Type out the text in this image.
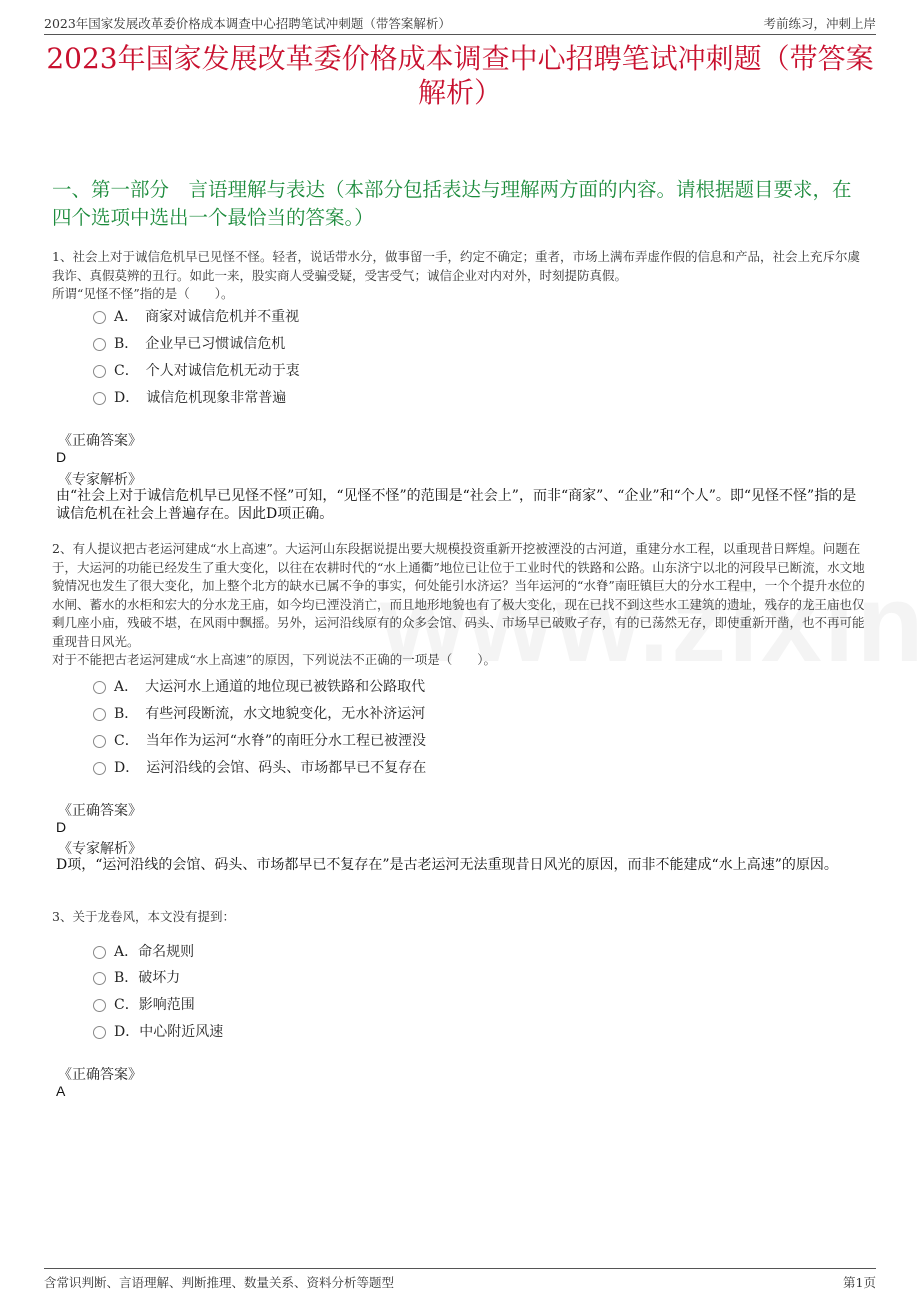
2023年国家发展改革委价格成本调查中心招聘笔试冲刺题（带答案解析）	考前练习，冲刺上岸
2023年国家发展改革委价格成本调查中心招聘笔试冲刺题（带答案解析）
一、第一部分　言语理解与表达（本部分包括表达与理解两方面的内容。请根据题目要求，在四个选项中选出一个最恰当的答案。）
1、社会上对于诚信危机早已见怪不怪。轻者，说话带水分，做事留一手，约定不确定；重者，市场上满布弄虚作假的信息和产品，社会上充斥尔虞我诈、真假莫辨的丑行。如此一来，股实商人受骗受疑，受害受气；诚信企业对内对外，时刻提防真假。
所谓“见怪不怪”指的是（　　）。
A．　商家对诚信危机并不重视
B．　企业早已习惯诚信危机
C．　个人对诚信危机无动于衷
D．　诚信危机现象非常普遍
《正确答案》
D
《专家解析》
由“社会上对于诚信危机早已见怪不怪”可知，“见怪不怪”的范围是“社会上”，而非“商家”、“企业”和“个人”。即“见怪不怪”指的是诚信危机在社会上普遍存在。因此D项正确。
2、有人提议把古老运河建成“水上高速”。大运河山东段据说提出要大规模投资重新开挖被湮没的古河道，重建分水工程，以重现昔日辉煌。问题在于，大运河的功能已经发生了重大变化，以往在农耕时代的“水上通衢”地位已让位于工业时代的铁路和公路。山东济宁以北的河段早已断流，水文地貌情况也发生了很大变化，加上整个北方的缺水已属不争的事实，何处能引水济运？当年运河的“水脊”南旺镇巨大的分水工程中，一个个提升水位的水闸、蓄水的水柜和宏大的分水龙王庙，如今均已湮没消亡，而且地形地貌也有了极大变化，现在已找不到这些水工建筑的遗址，残存的龙王庙也仅剩几座小庙，残破不堪，在风雨中飘摇。另外，运河沿线原有的众多会馆、码头、市场早已破败孑存，有的已荡然无存，即使重新开凿，也不再可能重现昔日风光。
对于不能把古老运河建成“水上高速”的原因，下列说法不正确的一项是（　　）。
A．　大运河水上通道的地位现已被铁路和公路取代
B．　有些河段断流，水文地貌变化，无水补济运河
C．　当年作为运河“水脊”的南旺分水工程已被湮没
D．　运河沿线的会馆、码头、市场都早已不复存在
《正确答案》
D
《专家解析》
D项，“运河沿线的会馆、码头、市场都早已不复存在”是古老运河无法重现昔日风光的原因，而非不能建成“水上高速”的原因。
3、关于龙卷风，本文没有提到：
A．命名规则
B．破坏力
C．影响范围
D．中心附近风速
《正确答案》
A
含常识判断、言语理解、判断推理、数量关系、资料分析等题型	第1页
